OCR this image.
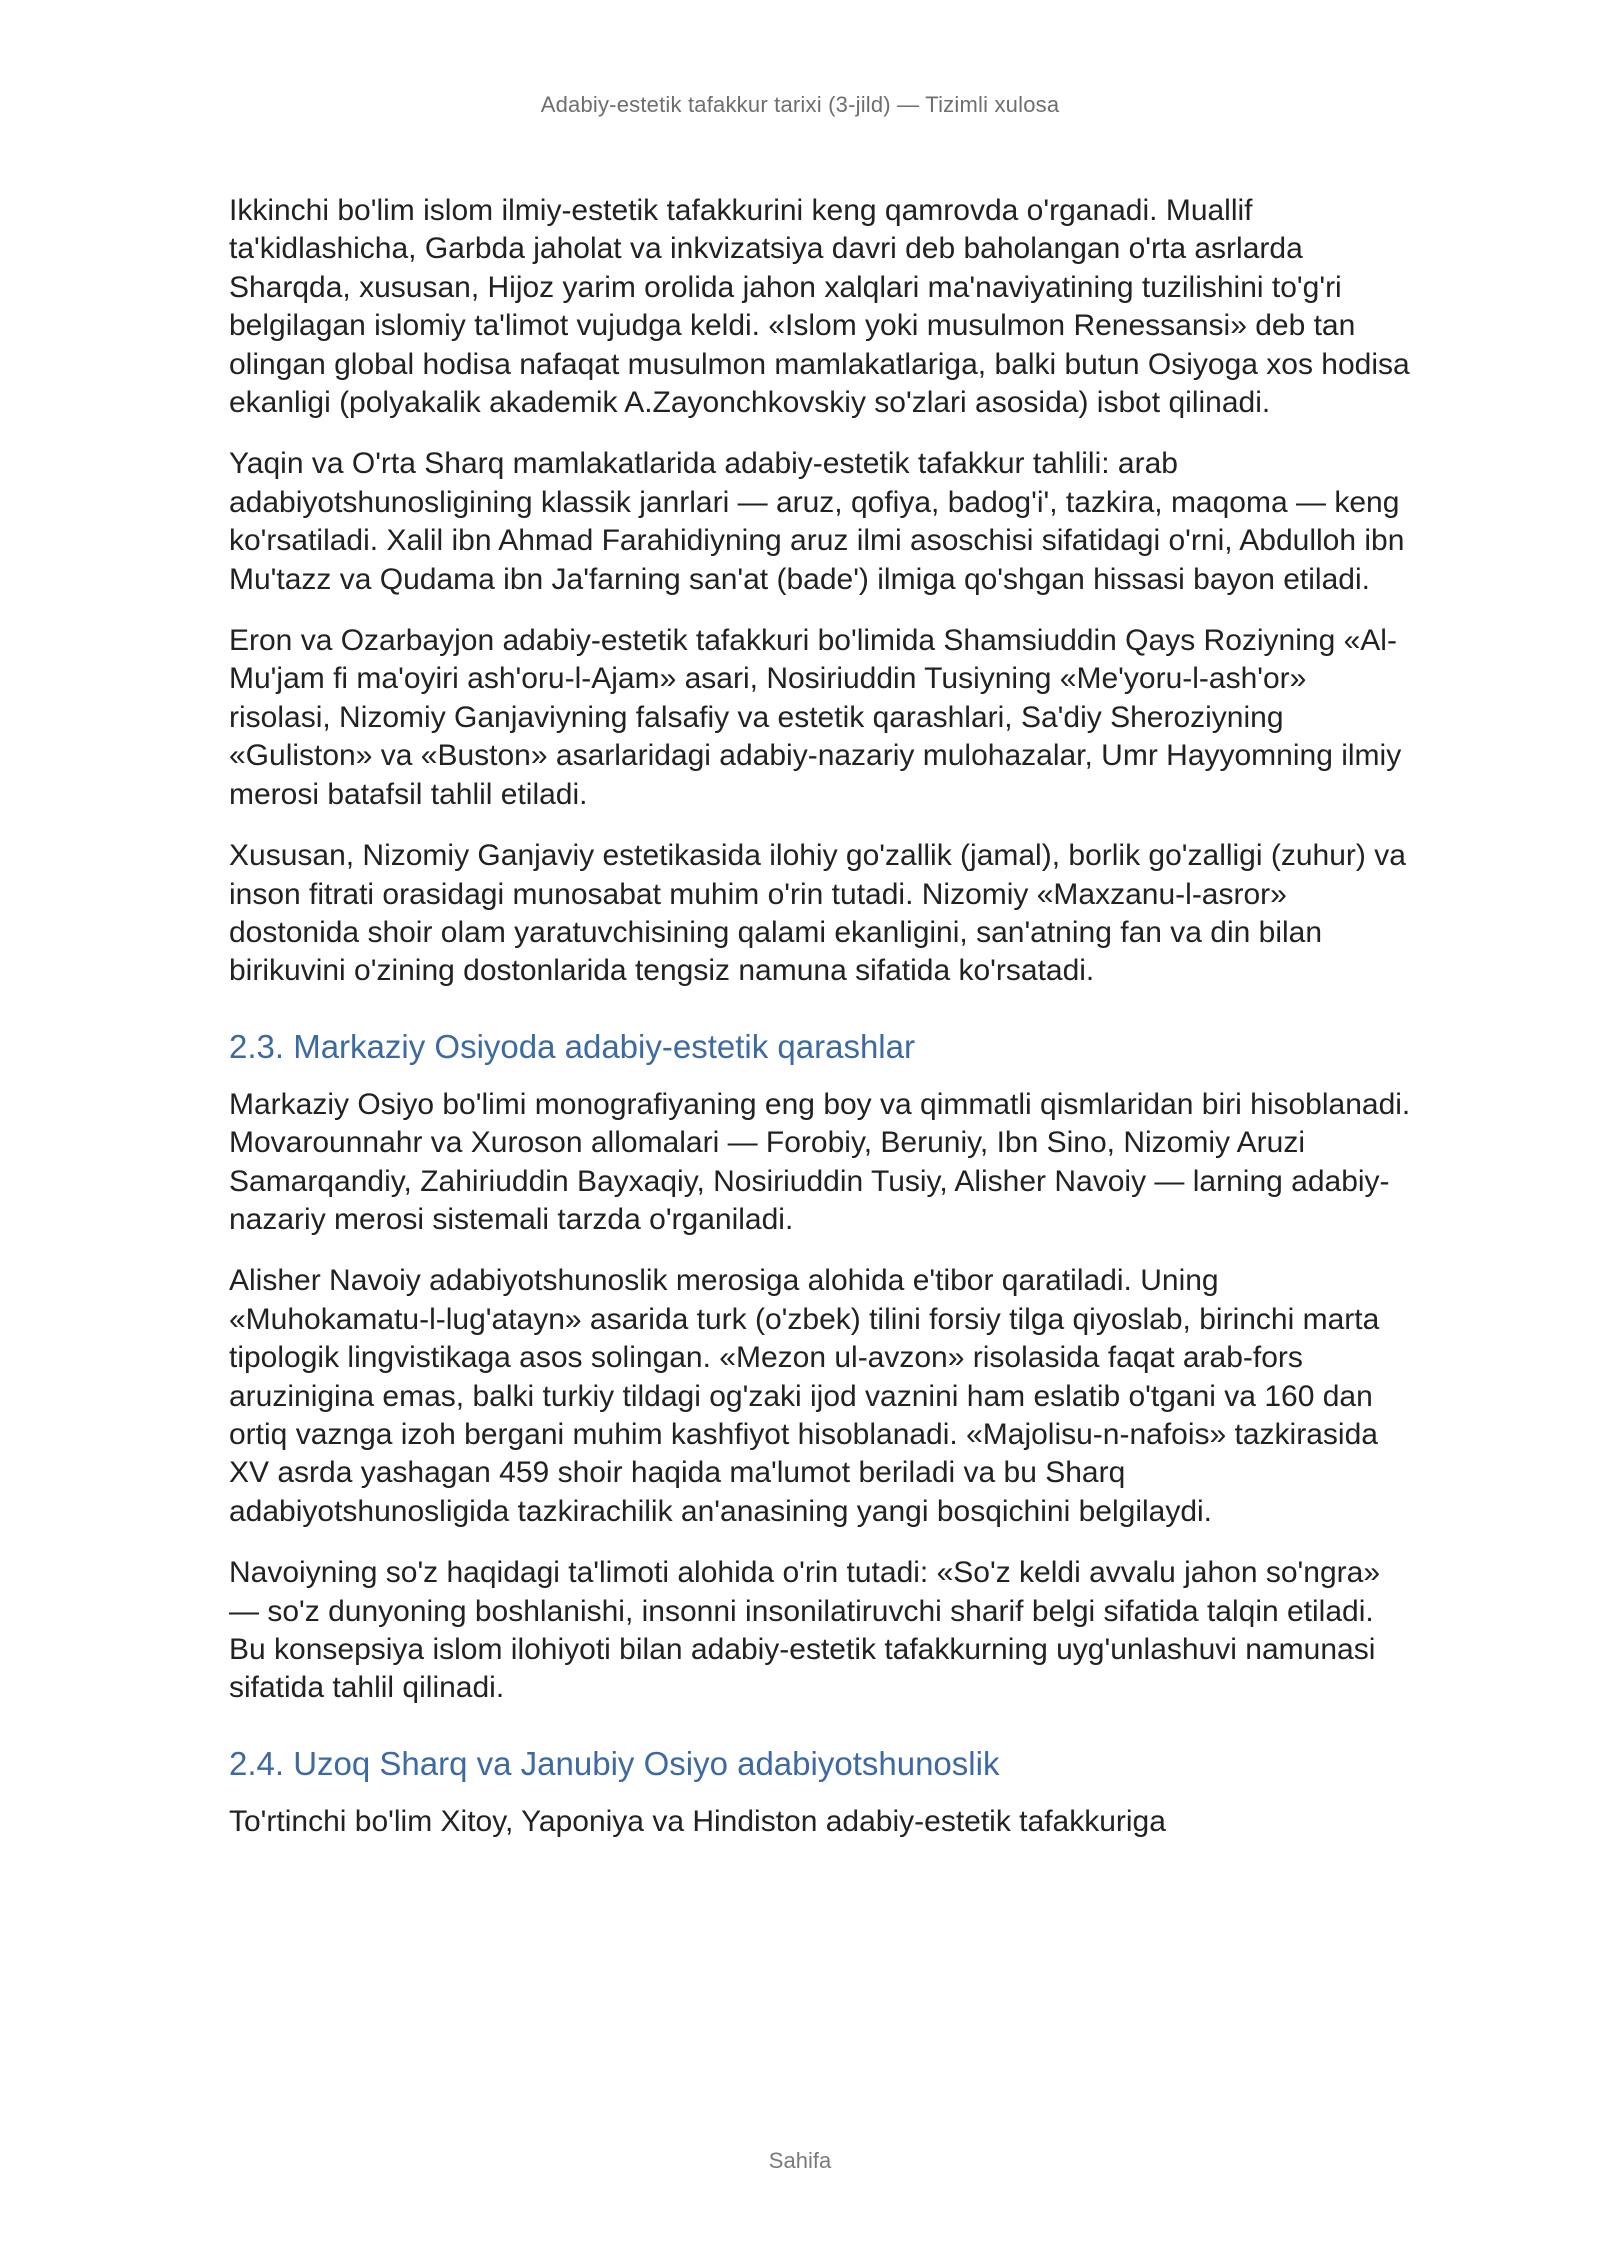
Adabiy-estetik tafakkur tarixi (3-jild) — Tizimli xulosa

Ikkinchi bo'lim islom ilmiy-estetik tafakkurini keng qamrovda o'rganadi. Muallif ta'kidlashicha, Garbda jaholat va inkvizatsiya davri deb baholangan o'rta asrlarda Sharqda, xususan, Hijoz yarim orolida jahon xalqlari ma'naviyatining tuzilishini to'g'ri belgilagan islomiy ta'limot vujudga keldi. «Islom yoki musulmon Renessansi» deb tan olingan global hodisa nafaqat musulmon mamlakatlariga, balki butun Osiyoga xos hodisa ekanligi (polyakalik akademik A.Zayonchkovskiy so'zlari asosida) isbot qilinadi.

Yaqin va O'rta Sharq mamlakatlarida adabiy-estetik tafakkur tahlili: arab adabiyotshunosligining klassik janrlari — aruz, qofiya, badog'i', tazkira, maqoma — keng ko'rsatiladi. Xalil ibn Ahmad Farahidiyning aruz ilmi asoschisi sifatidagi o'rni, Abdulloh ibn Mu'tazz va Qudama ibn Ja'farning san'at (bade') ilmiga qo'shgan hissasi bayon etiladi.

Eron va Ozarbayjon adabiy-estetik tafakkuri bo'limida Shamsiuddin Qays Roziyning «Al-Mu'jam fi ma'oyiri ash'oru-l-Ajam» asari, Nosiriuddin Tusiyning «Me'yoru-l-ash'or» risolasi, Nizomiy Ganjaviyning falsafiy va estetik qarashlari, Sa'diy Sheroziyning «Guliston» va «Buston» asarlaridagi adabiy-nazariy mulohazalar, Umr Hayyomning ilmiy merosi batafsil tahlil etiladi.

Xususan, Nizomiy Ganjaviy estetikasida ilohiy go'zallik (jamal), borlik go'zalligi (zuhur) va inson fitrati orasidagi munosabat muhim o'rin tutadi. Nizomiy «Maxzanu-l-asror» dostonida shoir olam yaratuvchisining qalami ekanligini, san'atning fan va din bilan birikuvini o'zining dostonlarida tengsiz namuna sifatida ko'rsatadi.

2.3. Markaziy Osiyoda adabiy-estetik qarashlar

Markaziy Osiyo bo'limi monografiyaning eng boy va qimmatli qismlaridan biri hisoblanadi. Movarounnahr va Xuroson allomalari — Forobiy, Beruniy, Ibn Sino, Nizomiy Aruzi Samarqandiy, Zahiriuddin Bayxaqiy, Nosiriuddin Tusiy, Alisher Navoiy — larning adabiy-nazariy merosi sistemali tarzda o'rganiladi.

Alisher Navoiy adabiyotshunoslik merosiga alohida e'tibor qaratiladi. Uning «Muhokamatu-l-lug'atayn» asarida turk (o'zbek) tilini forsiy tilga qiyoslab, birinchi marta tipologik lingvistikaga asos solingan. «Mezon ul-avzon» risolasida faqat arab-fors aruzinigina emas, balki turkiy tildagi og'zaki ijod vaznini ham eslatib o'tgani va 160 dan ortiq vaznga izoh bergani muhim kashfiyot hisoblanadi. «Majolisu-n-nafois» tazkirasida XV asrda yashagan 459 shoir haqida ma'lumot beriladi va bu Sharq adabiyotshunosligida tazkirachilik an'anasining yangi bosqichini belgilaydi.

Navoiyning so'z haqidagi ta'limoti alohida o'rin tutadi: «So'z keldi avvalu jahon so'ngra» — so'z dunyoning boshlanishi, insonni insonilatiruvchi sharif belgi sifatida talqin etiladi. Bu konsepsiya islom ilohiyoti bilan adabiy-estetik tafakkurning uyg'unlashuvi namunasi sifatida tahlil qilinadi.

2.4. Uzoq Sharq va Janubiy Osiyo adabiyotshunoslik

To'rtinchi bo'lim Xitoy, Yaponiya va Hindiston adabiy-estetik tafakkuriga

Sahifa
